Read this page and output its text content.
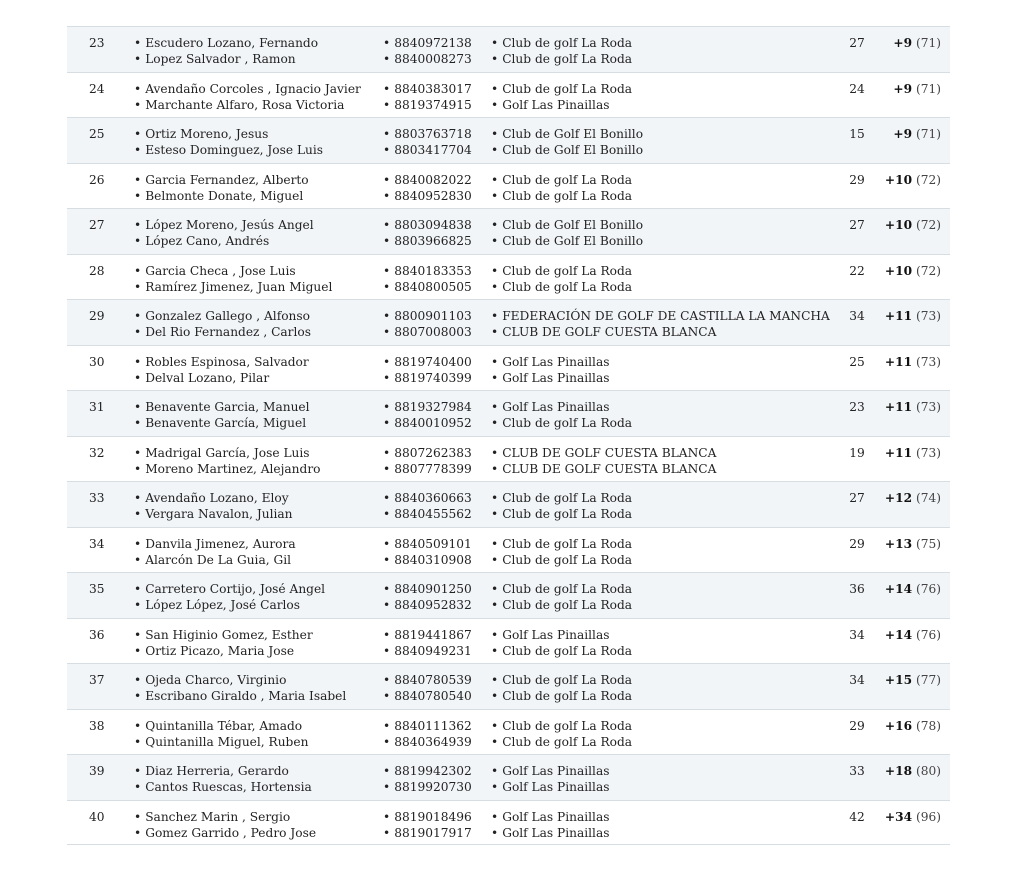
23 • Escudero Lozano, Fernando
• Lopez Salvador , Ramon
• 8840972138
• 8840008273
• Club de golf La Roda
• Club de golf La Roda
27 +9 (71)
24 • Avendaño Corcoles , Ignacio Javier
• Marchante Alfaro, Rosa Victoria
• 8840383017
• 8819374915
• Club de golf La Roda
• Golf Las Pinaillas
24 +9 (71)
25 • Ortiz Moreno, Jesus
• Esteso Dominguez, Jose Luis
• 8803763718
• 8803417704
• Club de Golf El Bonillo
• Club de Golf El Bonillo
15 +9 (71)
26 • Garcia Fernandez, Alberto
• Belmonte Donate, Miguel
• 8840082022
• 8840952830
• Club de golf La Roda
• Club de golf La Roda
29 +10 (72)
27 • López Moreno, Jesús Angel
• López Cano, Andrés
• 8803094838
• 8803966825
• Club de Golf El Bonillo
• Club de Golf El Bonillo
27 +10 (72)
28 • Garcia Checa , Jose Luis
• Ramírez Jimenez, Juan Miguel
• 8840183353
• 8840800505
• Club de golf La Roda
• Club de golf La Roda
22 +10 (72)
29 • Gonzalez Gallego , Alfonso
• Del Rio Fernandez , Carlos
• 8800901103
• 8807008003
• FEDERACIÓN DE GOLF DE CASTILLA LA MANCHA
• CLUB DE GOLF CUESTA BLANCA
34 +11 (73)
30 • Robles Espinosa, Salvador
• Delval Lozano, Pilar
• 8819740400
• 8819740399
• Golf Las Pinaillas
• Golf Las Pinaillas
25 +11 (73)
31 • Benavente Garcia, Manuel
• Benavente García, Miguel
• 8819327984
• 8840010952
• Golf Las Pinaillas
• Club de golf La Roda
23 +11 (73)
32 • Madrigal García, Jose Luis
• Moreno Martinez, Alejandro
• 8807262383
• 8807778399
• CLUB DE GOLF CUESTA BLANCA
• CLUB DE GOLF CUESTA BLANCA
19 +11 (73)
33 • Avendaño Lozano, Eloy
• Vergara Navalon, Julian
• 8840360663
• 8840455562
• Club de golf La Roda
• Club de golf La Roda
27 +12 (74)
34 • Danvila Jimenez, Aurora
• Alarcón De La Guia, Gil
• 8840509101
• 8840310908
• Club de golf La Roda
• Club de golf La Roda
29 +13 (75)
35 • Carretero Cortijo, José Angel
• López López, José Carlos
• 8840901250
• 8840952832
• Club de golf La Roda
• Club de golf La Roda
36 +14 (76)
36 • San Higinio Gomez, Esther
• Ortiz Picazo, Maria Jose
• 8819441867
• 8840949231
• Golf Las Pinaillas
• Club de golf La Roda
34 +14 (76)
37 • Ojeda Charco, Virginio
• Escribano Giraldo , Maria Isabel
• 8840780539
• 8840780540
• Club de golf La Roda
• Club de golf La Roda
34 +15 (77)
38 • Quintanilla Tébar, Amado
• Quintanilla Miguel, Ruben
• 8840111362
• 8840364939
• Club de golf La Roda
• Club de golf La Roda
29 +16 (78)
39 • Diaz Herreria, Gerardo
• Cantos Ruescas, Hortensia
• 8819942302
• 8819920730
• Golf Las Pinaillas
• Golf Las Pinaillas
33 +18 (80)
40 • Sanchez Marin , Sergio
• Gomez Garrido , Pedro Jose
• 8819018496
• 8819017917
• Golf Las Pinaillas
• Golf Las Pinaillas
42 +34 (96)
